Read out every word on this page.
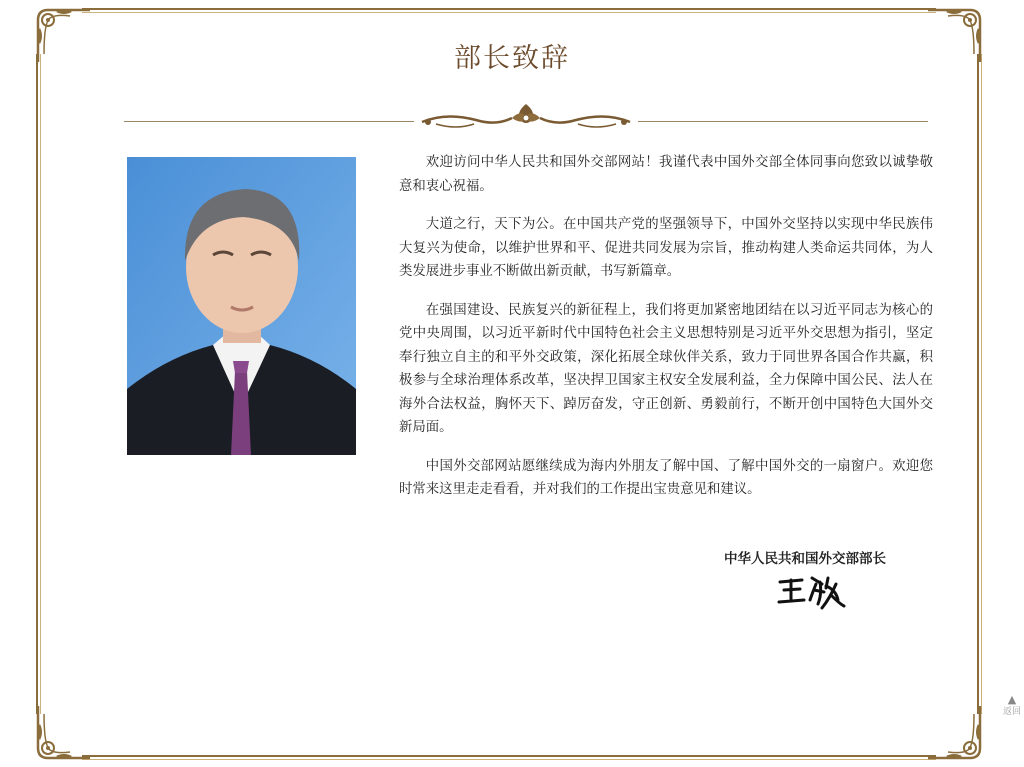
部长致辞

欢迎访问中华人民共和国外交部网站！我谨代表中国外交部全体同事向您致以诚挚敬意和衷心祝福。

大道之行，天下为公。在中国共产党的坚强领导下，中国外交坚持以实现中华民族伟大复兴为使命，以维护世界和平、促进共同发展为宗旨，推动构建人类命运共同体，为人类发展进步事业不断做出新贡献，书写新篇章。

在强国建设、民族复兴的新征程上，我们将更加紧密地团结在以习近平同志为核心的党中央周围，以习近平新时代中国特色社会主义思想特别是习近平外交思想为指引，坚定奉行独立自主的和平外交政策，深化拓展全球伙伴关系，致力于同世界各国合作共赢，积极参与全球治理体系改革，坚决捍卫国家主权安全发展利益，全力保障中国公民、法人在海外合法权益，胸怀天下、踔厉奋发，守正创新、勇毅前行，不断开创中国特色大国外交新局面。

中国外交部网站愿继续成为海内外朋友了解中国、了解中国外交的一扇窗户。欢迎您时常来这里走走看看，并对我们的工作提出宝贵意见和建议。

中华人民共和国外交部部长
▲
返回
